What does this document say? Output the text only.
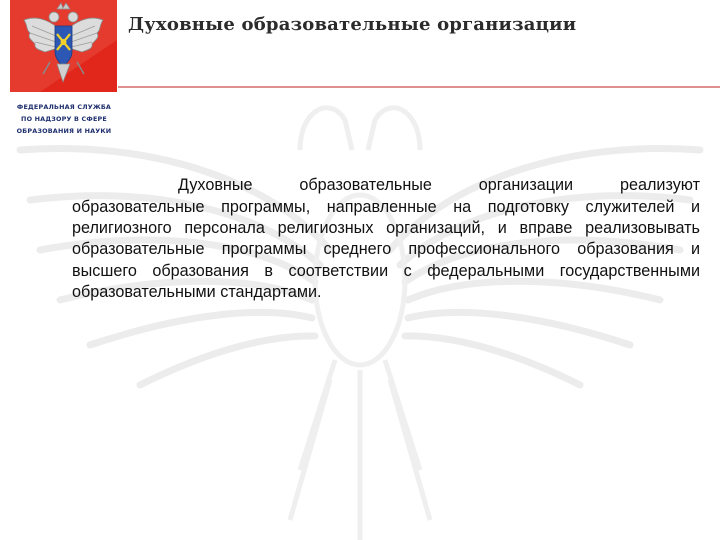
ФЕДЕРАЛЬНАЯ СЛУЖБА
ПО НАДЗОРУ В СФЕРЕ
ОБРАЗОВАНИЯ И НАУКИ
Духовные образовательные организации

Духовные образовательные организации реализуют образовательные программы, направленные на подготовку служителей и религиозного персонала религиозных организаций, и вправе реализовывать образовательные программы среднего профессионального образования и высшего образования в соответствии с федеральными государственными образовательными стандартами.
